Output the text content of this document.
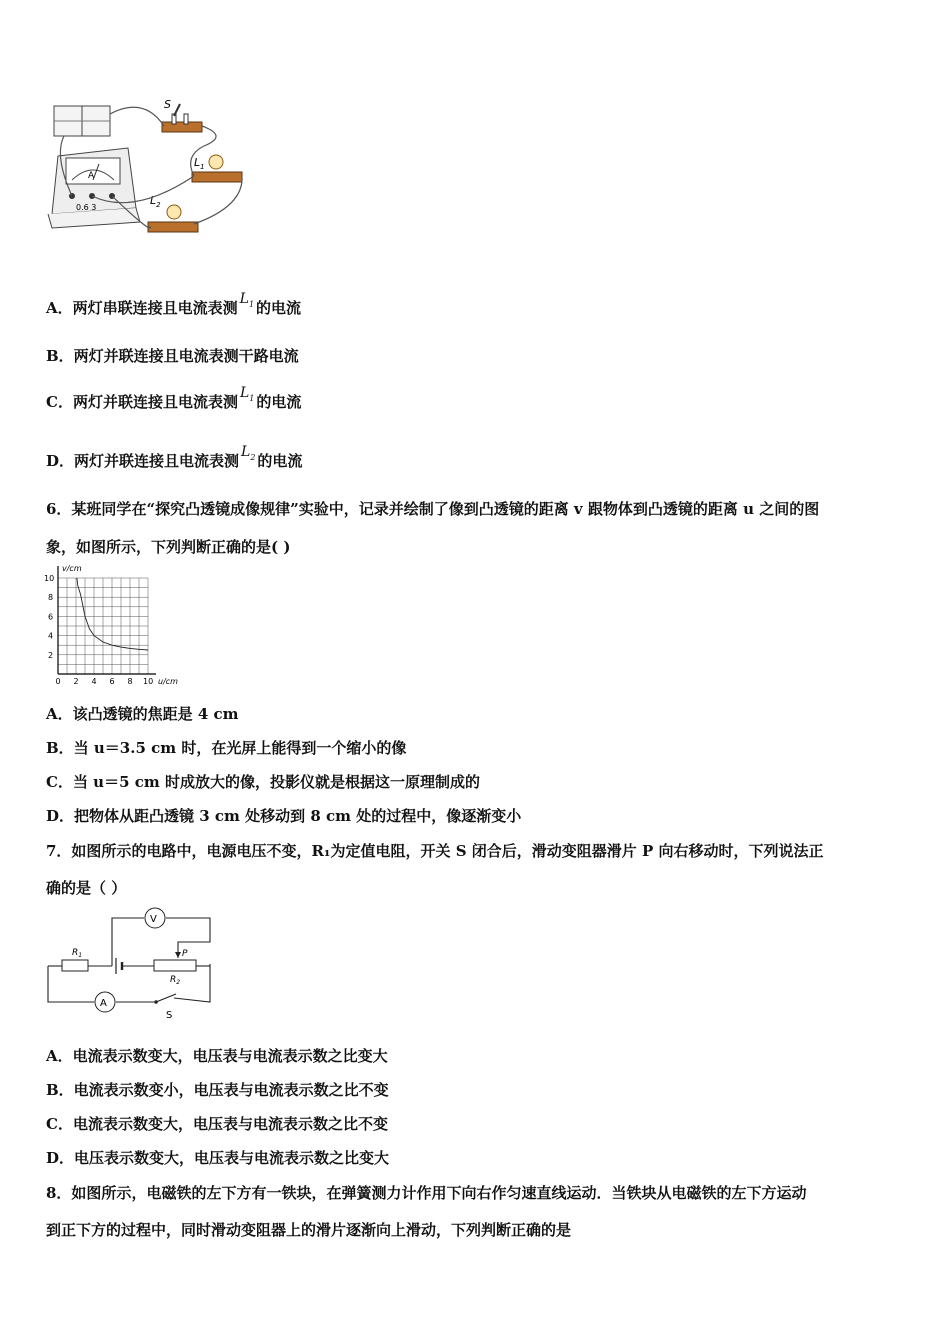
A
0.6 3
S
$L_1$
$L_2$
A．两灯串联连接且电流表测 $L_1$ 的电流
B．两灯并联连接且电流表测干路电流
C．两灯并联连接且电流表测 $L_1$ 的电流
D．两灯并联连接且电流表测 $L_2$ 的电流
6．某班同学在“探究凸透镜成像规律”实验中，记录并绘制了像到凸透镜的距离 v 跟物体到凸透镜的距离 u 之间的图
象，如图所示，下列判断正确的是( )
v/cm
u/cm
0 2 4 6 8 10
2
4
6
8
10
A．该凸透镜的焦距是 4 cm
B．当 u＝3.5 cm 时，在光屏上能得到一个缩小的像
C．当 u＝5 cm 时成放大的像，投影仪就是根据这一原理制成的
D．把物体从距凸透镜 3 cm 处移动到 8 cm 处的过程中，像逐渐变小
7．如图所示的电路中，电源电压不变，R₁为定值电阻，开关 S 闭合后，滑动变阻器滑片 P 向右移动时，下列说法正
确的是（ ）
$R_1$	P
$R_2$
V
A
S
A．电流表示数变大，电压表与电流表示数之比变大
B．电流表示数变小，电压表与电流表示数之比不变
C．电流表示数变大，电压表与电流表示数之比不变
D．电压表示数变大，电压表与电流表示数之比变大
8．如图所示，电磁铁的左下方有一铁块，在弹簧测力计作用下向右作匀速直线运动．当铁块从电磁铁的左下方运动
到正下方的过程中，同时滑动变阻器上的滑片逐渐向上滑动，下列判断正确的是
